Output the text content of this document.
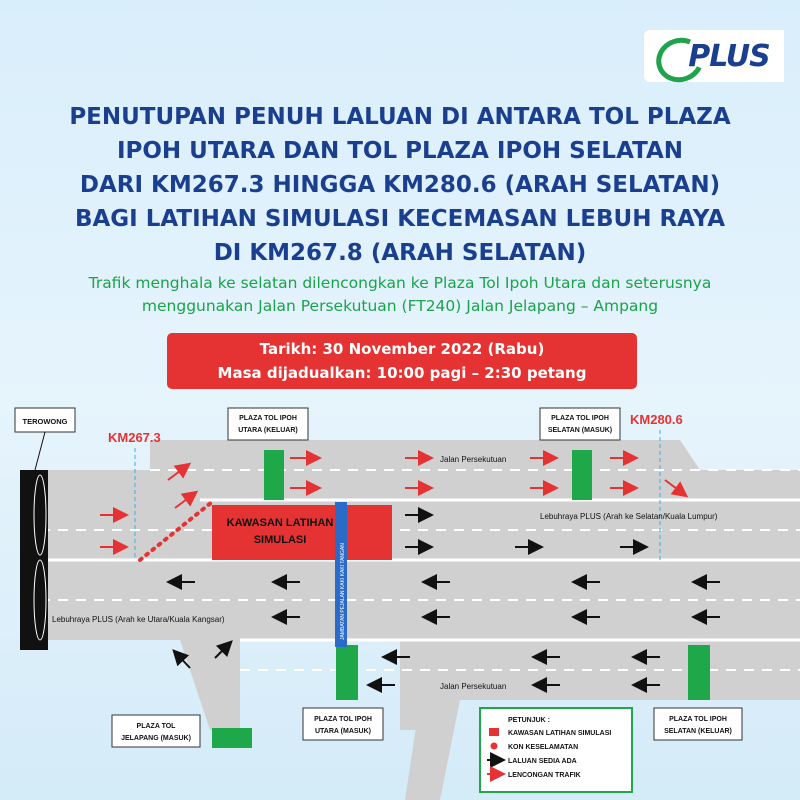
PLUS
PENUTUPAN PENUH LALUAN DI ANTARA TOL PLAZA
IPOH UTARA DAN TOL PLAZA IPOH SELATAN
DARI KM267.3 HINGGA KM280.6 (ARAH SELATAN)
BAGI LATIHAN SIMULASI KECEMASAN LEBUH RAYA
DI KM267.8 (ARAH SELATAN)
Trafik menghala ke selatan dilencongkan ke Plaza Tol Ipoh Utara dan seterusnya
menggunakan Jalan Persekutuan (FT240) Jalan Jelapang – Ampang
Tarikh: 30 November 2022 (Rabu)
Masa dijadualkan: 10:00 pagi – 2:30 petang
TEROWONG
KM267.3
KM280.6
PLAZA TOL IPOH
UTARA (KELUAR)
PLAZA TOL IPOH
SELATAN (MASUK)
KAWASAN LATIHAN
SIMULASI
JAMBATAN PEJALAN KAKI KAKI TANGAN
Jalan Persekutuan
Lebuhraya PLUS (Arah ke Selatan/Kuala Lumpur)
Lebuhraya PLUS (Arah ke Utara/Kuala Kangsar)
Jalan Persekutuan
PLAZA TOL
JELAPANG (MASUK)
PLAZA TOL IPOH
UTARA (MASUK)
PLAZA TOL IPOH
SELATAN (KELUAR)
PETUNJUK :
KAWASAN LATIHAN SIMULASI
KON KESELAMATAN
LALUAN SEDIA ADA
LENCONGAN TRAFIK
